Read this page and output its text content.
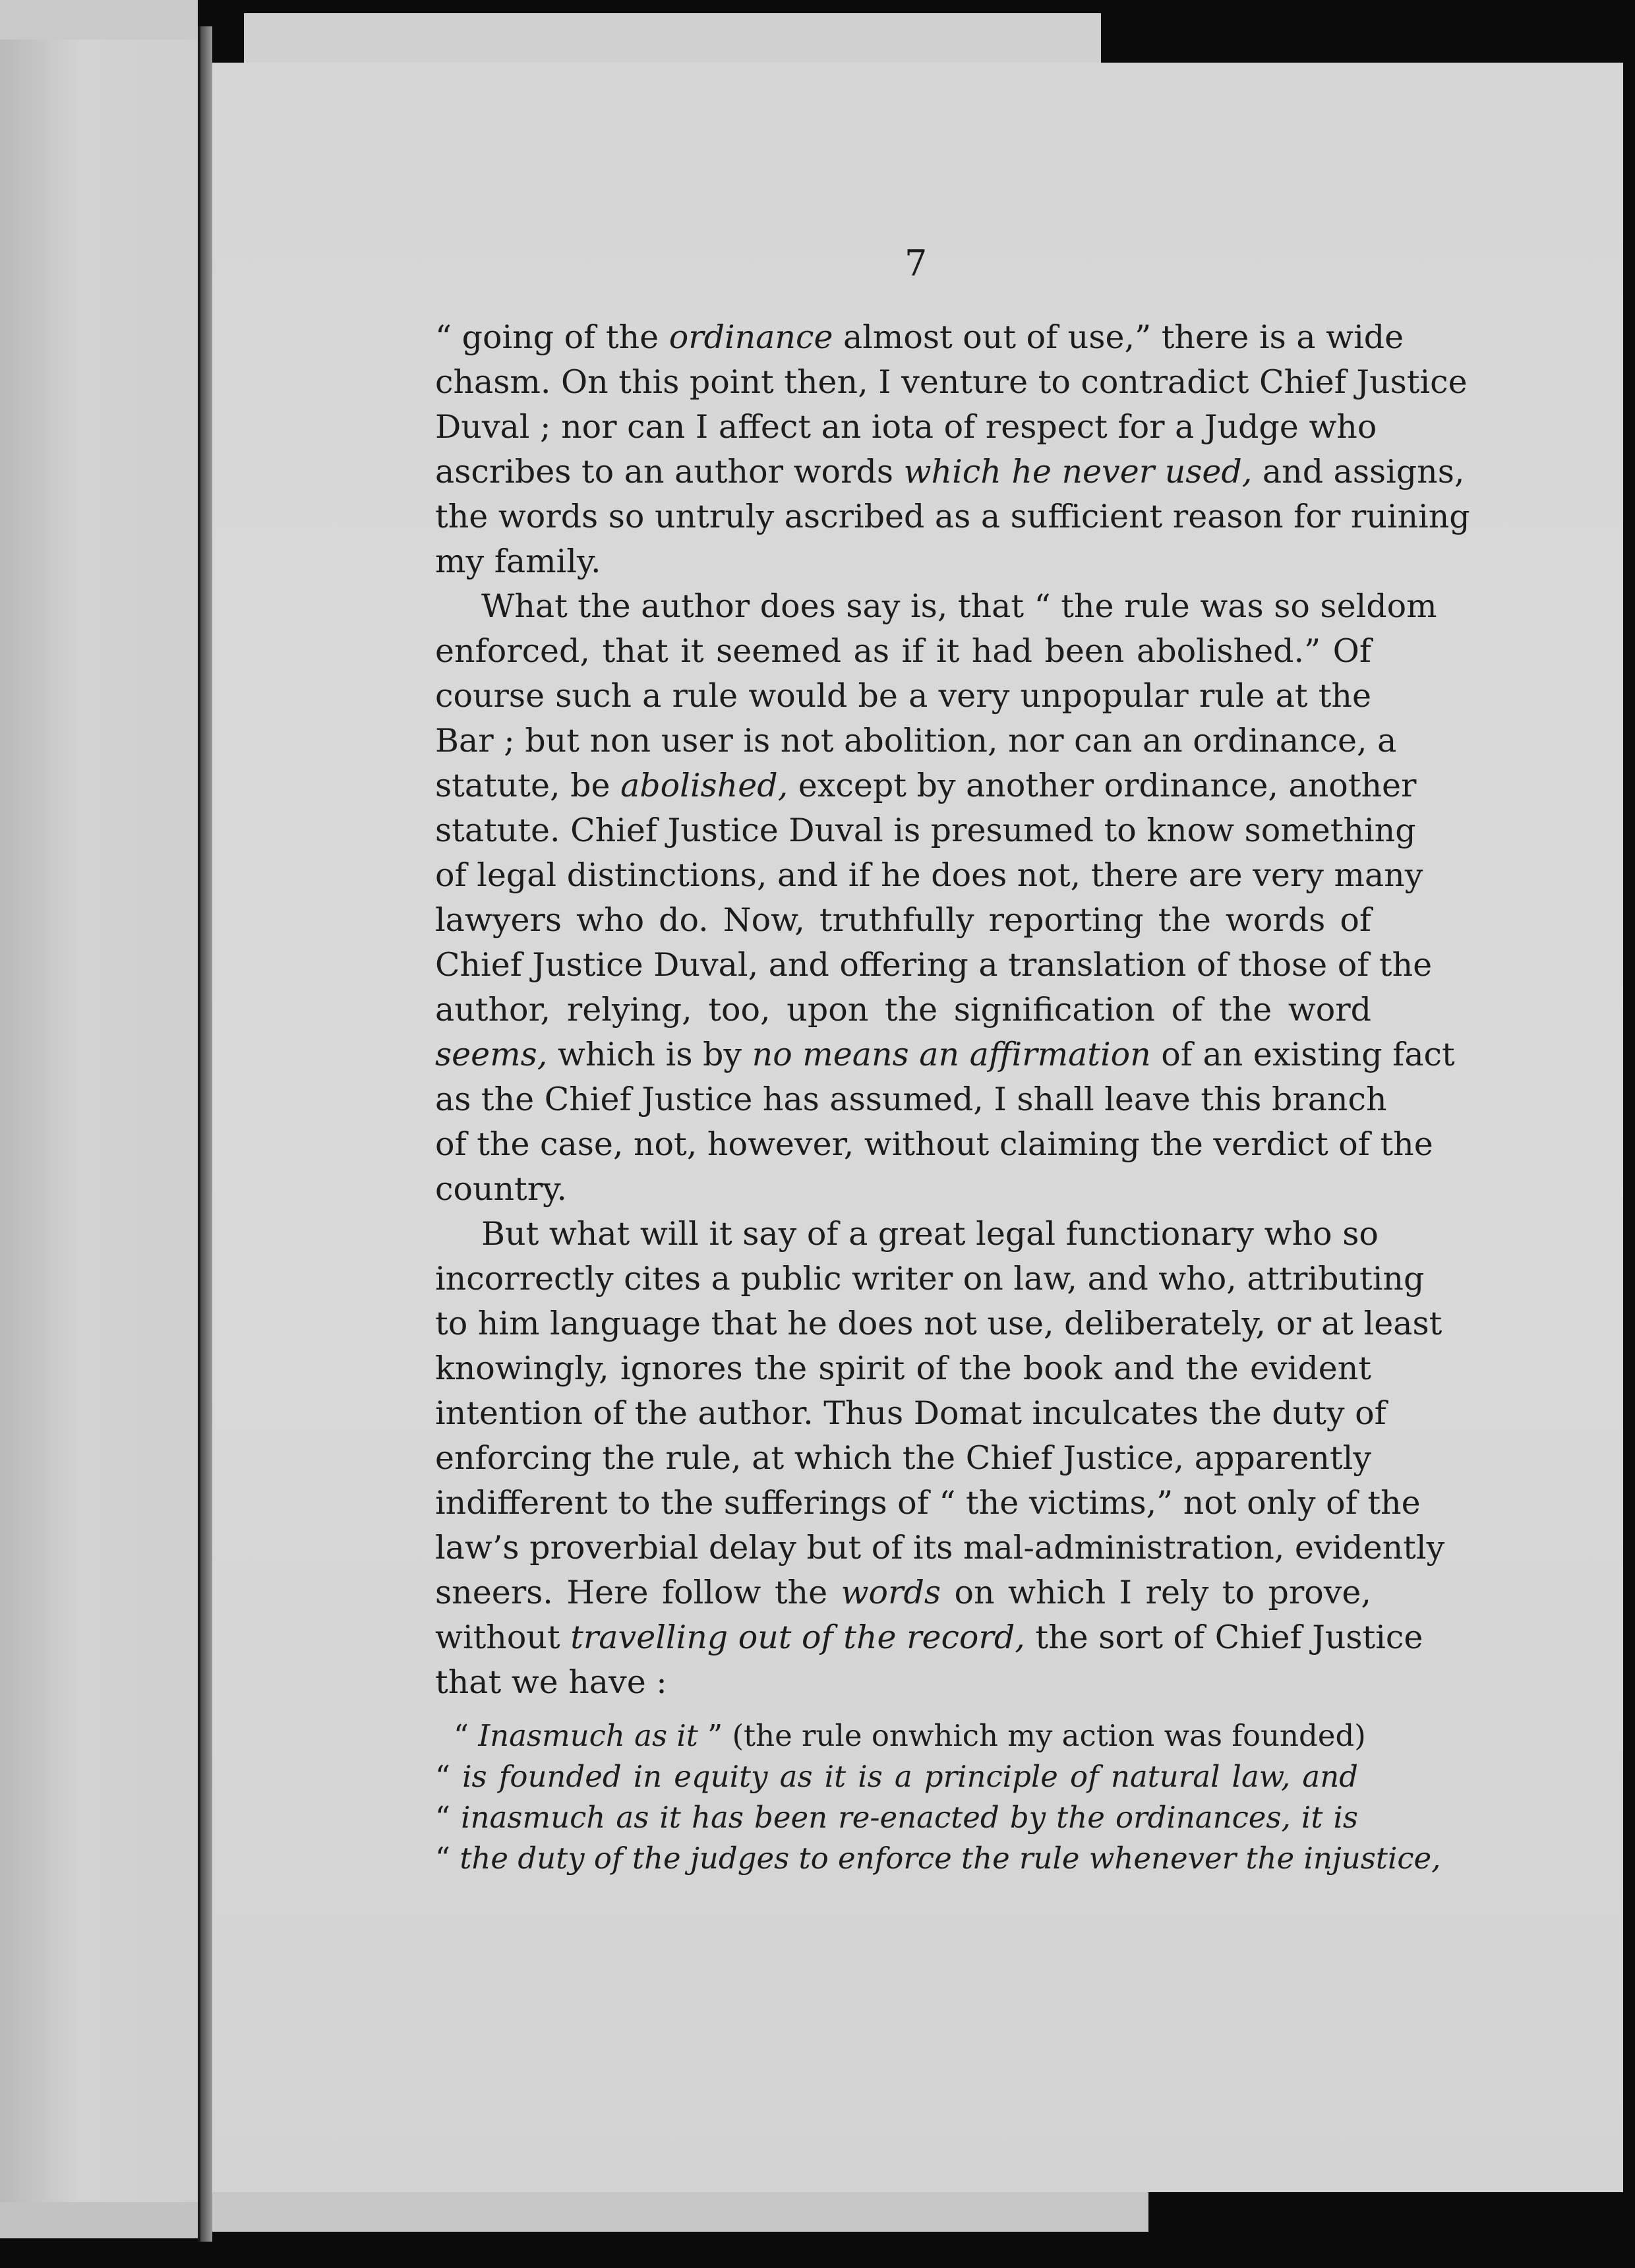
7
“ going of the ordinance almost out of use,” there is a wide
chasm. On this point then, I venture to contradict Chief Justice
Duval ; nor can I affect an iota of respect for a Judge who
ascribes to an author words which he never used, and assigns,
the words so untruly ascribed as a sufficient reason for ruining
my family.
What the author does say is, that “ the rule was so seldom
enforced, that it seemed as if it had been abolished.” Of
course such a rule would be a very unpopular rule at the
Bar ; but non user is not abolition, nor can an ordinance, a
statute, be abolished, except by another ordinance, another
statute. Chief Justice Duval is presumed to know something
of legal distinctions, and if he does not, there are very many
lawyers who do. Now, truthfully reporting the words of
Chief Justice Duval, and offering a translation of those of the
author, relying, too, upon the signification of the word
seems, which is by no means an affirmation of an existing fact
as the Chief Justice has assumed, I shall leave this branch
of the case, not, however, without claiming the verdict of the
country.
But what will it say of a great legal functionary who so
incorrectly cites a public writer on law, and who, attributing
to him language that he does not use, deliberately, or at least
knowingly, ignores the spirit of the book and the evident
intention of the author. Thus Domat inculcates the duty of
enforcing the rule, at which the Chief Justice, apparently
indifferent to the sufferings of “ the victims,” not only of the
law’s proverbial delay but of its mal-administration, evidently
sneers. Here follow the words on which I rely to prove,
without travelling out of the record, the sort of Chief Justice
that we have :
“ Inasmuch as it ” (the rule onwhich my action was founded)
“ is founded in equity as it is a principle of natural law, and
“ inasmuch as it has been re-enacted by the ordinances, it is
“ the duty of the judges to enforce the rule whenever the injustice,
